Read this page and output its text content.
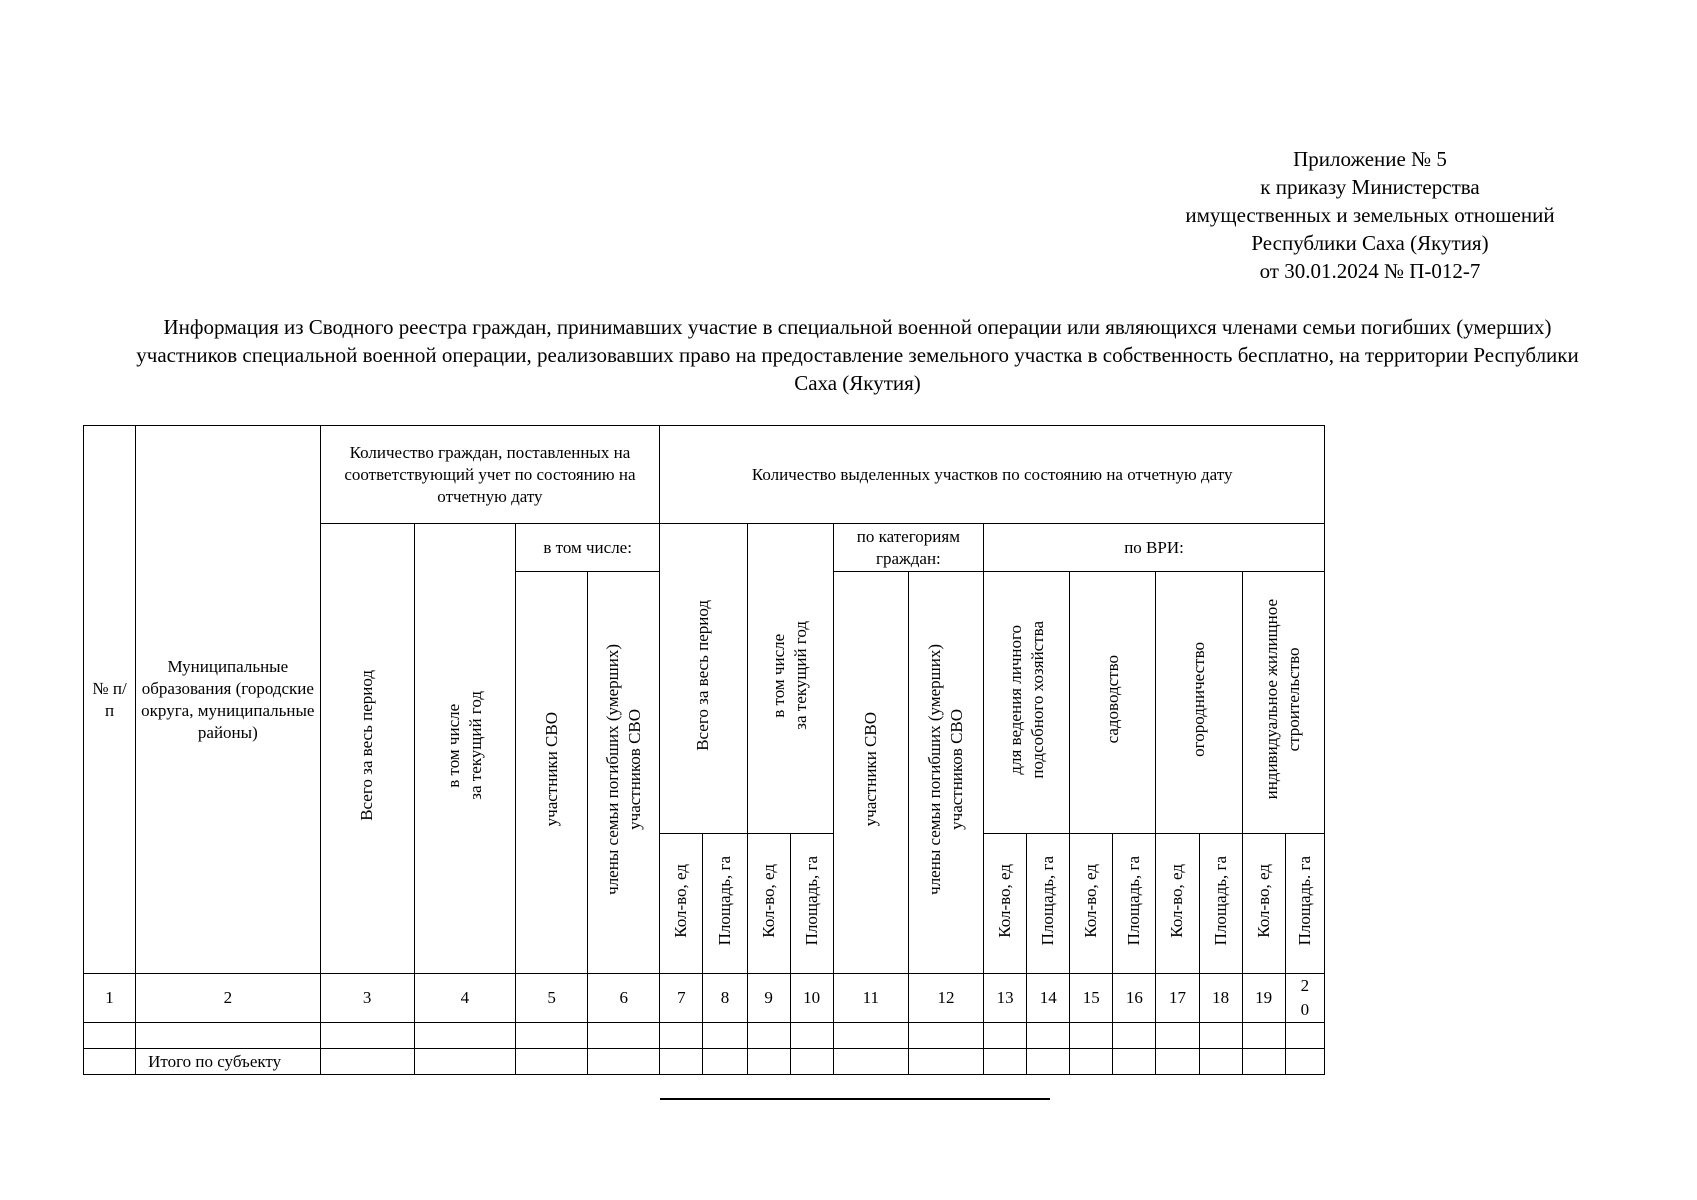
Приложение № 5
к приказу Министерства
имущественных и земельных отношений
Республики Саха (Якутия)
от 30.01.2024 № П-012-7
Информация из Сводного реестра граждан, принимавших участие в специальной военной операции или являющихся членами семьи погибших (умерших) участников специальной военной операции, реализовавших право на предоставление земельного участка в собственность бесплатно, на территории Республики Саха (Якутия)
№ п/п	Муниципальные образования (городские округа, муниципальные районы)	Количество граждан, поставленных на соответствующий учет по состоянию на отчетную дату				Количество выделенных участков по состоянию на отчетную дату													

		Всего за весь период	в том числе за текущий год	в том числе:		Всего за весь период		в том числе за текущий год		по категориям граждан:		по ВРИ:							

				участники СВО	члены семьи погибших (умерших) участников СВО					участники СВО	члены семьи погибших (умерших) участников СВО	для ведения личного подсобного хозяйства		садоводство		огородничество		индивидуальное жилищное строительство	
						Кол-во, ед	Площадь, га	Кол-во, ед	Площадь, га			Кол-во, ед	Площадь, га	Кол-во, ед	Площадь, га	Кол-во, ед	Площадь, га	Кол-во, ед	Площадь. га
1	2	3	4	5	6	7	8	9	10	11	12	13	14	15	16	17	18	19	20

	Итого по субъекту																		
